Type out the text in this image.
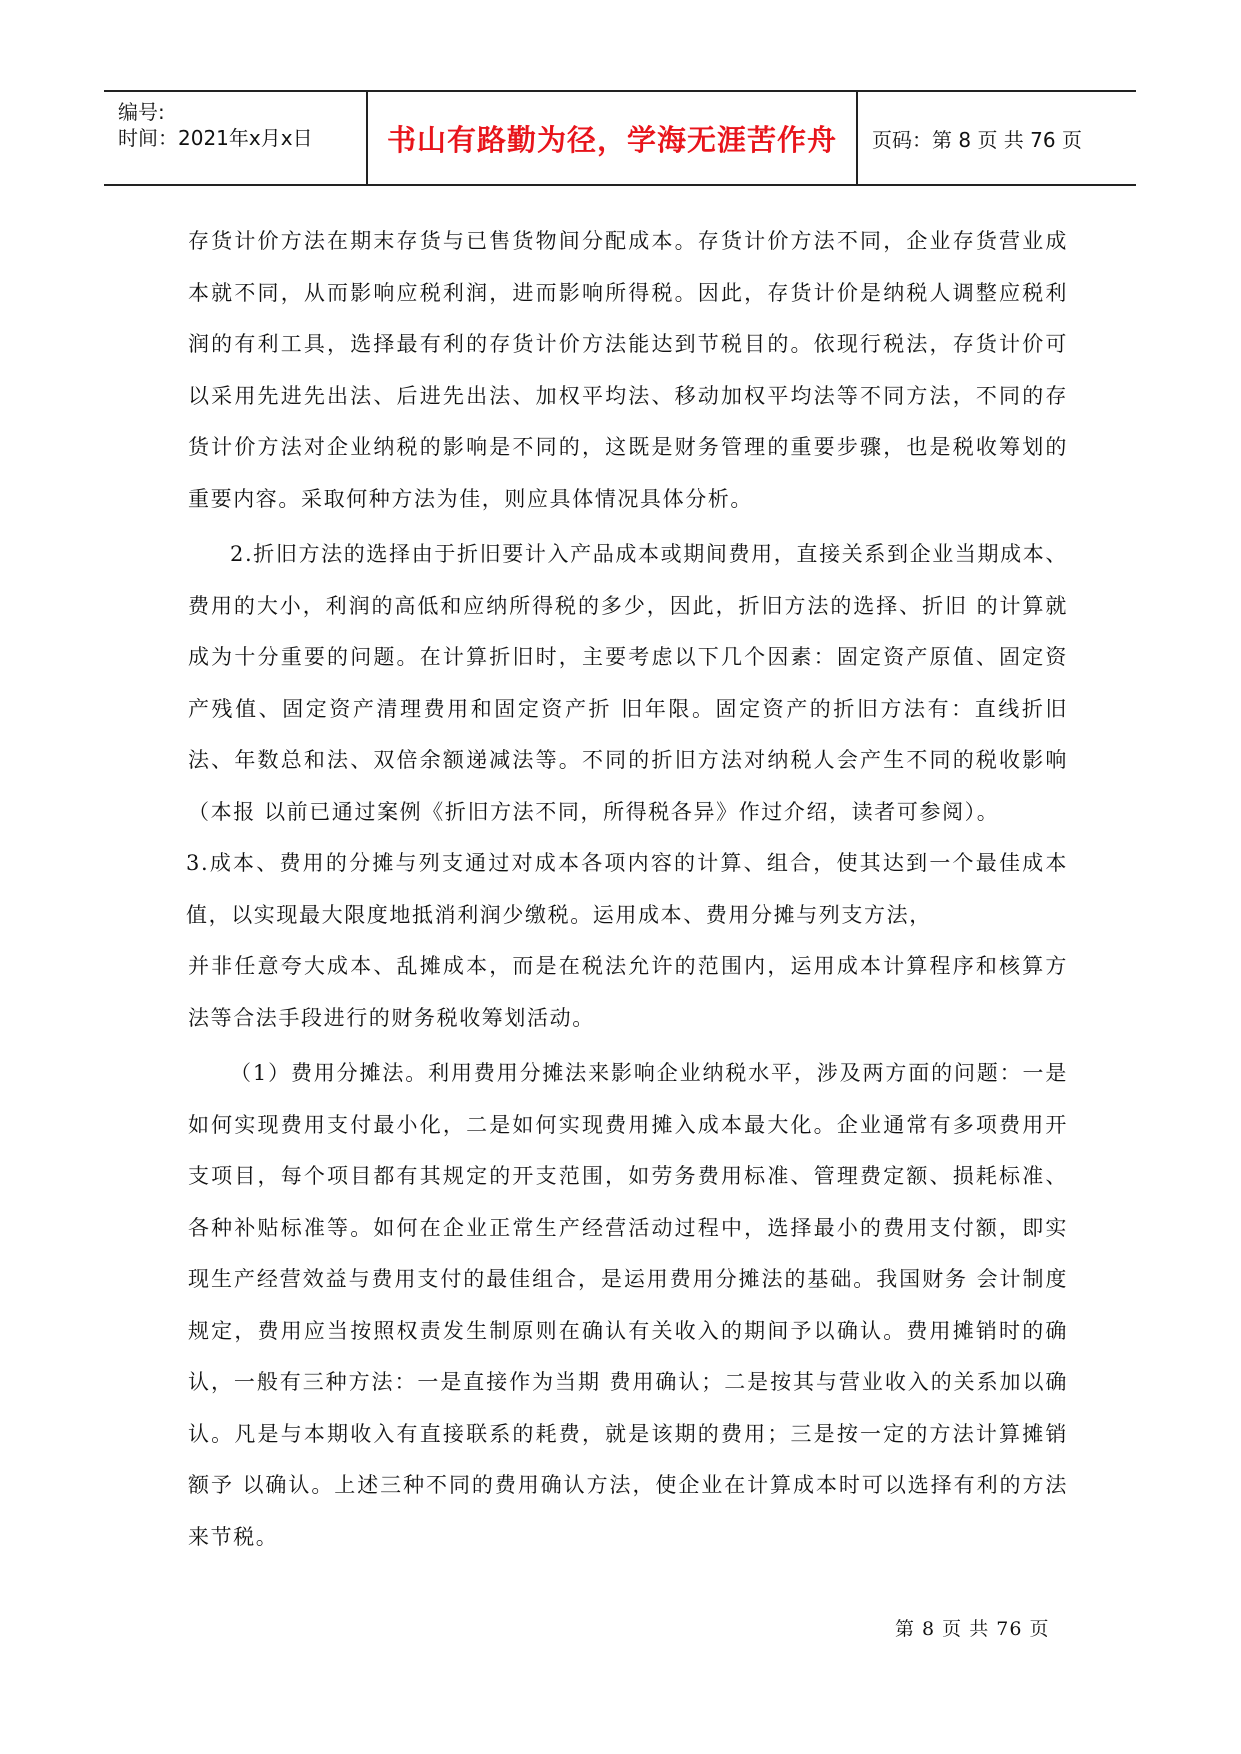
编号:
时间：2021年x月x日	书山有路勤为径，学海无涯苦作舟 页码：第 8 页 共 76 页

存货计价方法在期末存货与已售货物间分配成本。存货计价方法不同，企业存货营业成本就不同，从而影响应税利润，进而影响所得税。因此，存货计价是纳税人调整应税利润的有利工具，选择最有利的存货计价方法能达到节税目的。依现行税法，存货计价可以采用先进先出法、后进先出法、加权平均法、移动加权平均法等不同方法，不同的存货计价方法对企业纳税的影响是不同的，这既是财务管理的重要步骤，也是税收筹划的重要内容。采取何种方法为佳，则应具体情况具体分析。

2.折旧方法的选择由于折旧要计入产品成本或期间费用，直接关系到企业当期成本、费用的大小，利润的高低和应纳所得税的多少，因此，折旧方法的选择、折旧 的计算就成为十分重要的问题。在计算折旧时，主要考虑以下几个因素：固定资产原值、固定资产残值、固定资产清理费用和固定资产折 旧年限。固定资产的折旧方法有：直线折旧法、年数总和法、双倍余额递减法等。不同的折旧方法对纳税人会产生不同的税收影响（本报 以前已通过案例《折旧方法不同，所得税各异》作过介绍，读者可参阅）。

3.成本、费用的分摊与列支通过对成本各项内容的计算、组合，使其达到一个最佳成本值，以实现最大限度地抵消利润少缴税。运用成本、费用分摊与列支方法，

并非任意夸大成本、乱摊成本，而是在税法允许的范围内，运用成本计算程序和核算方法等合法手段进行的财务税收筹划活动。

（1）费用分摊法。利用费用分摊法来影响企业纳税水平，涉及两方面的问题：一是如何实现费用支付最小化，二是如何实现费用摊入成本最大化。企业通常有多项费用开支项目，每个项目都有其规定的开支范围，如劳务费用标准、管理费定额、损耗标准、各种补贴标准等。如何在企业正常生产经营活动过程中，选择最小的费用支付额，即实现生产经营效益与费用支付的最佳组合，是运用费用分摊法的基础。我国财务 会计制度规定，费用应当按照权责发生制原则在确认有关收入的期间予以确认。费用摊销时的确认，一般有三种方法：一是直接作为当期 费用确认；二是按其与营业收入的关系加以确认。凡是与本期收入有直接联系的耗费，就是该期的费用；三是按一定的方法计算摊销额予 以确认。上述三种不同的费用确认方法，使企业在计算成本时可以选择有利的方法来节税。

第 8 页 共 76 页
